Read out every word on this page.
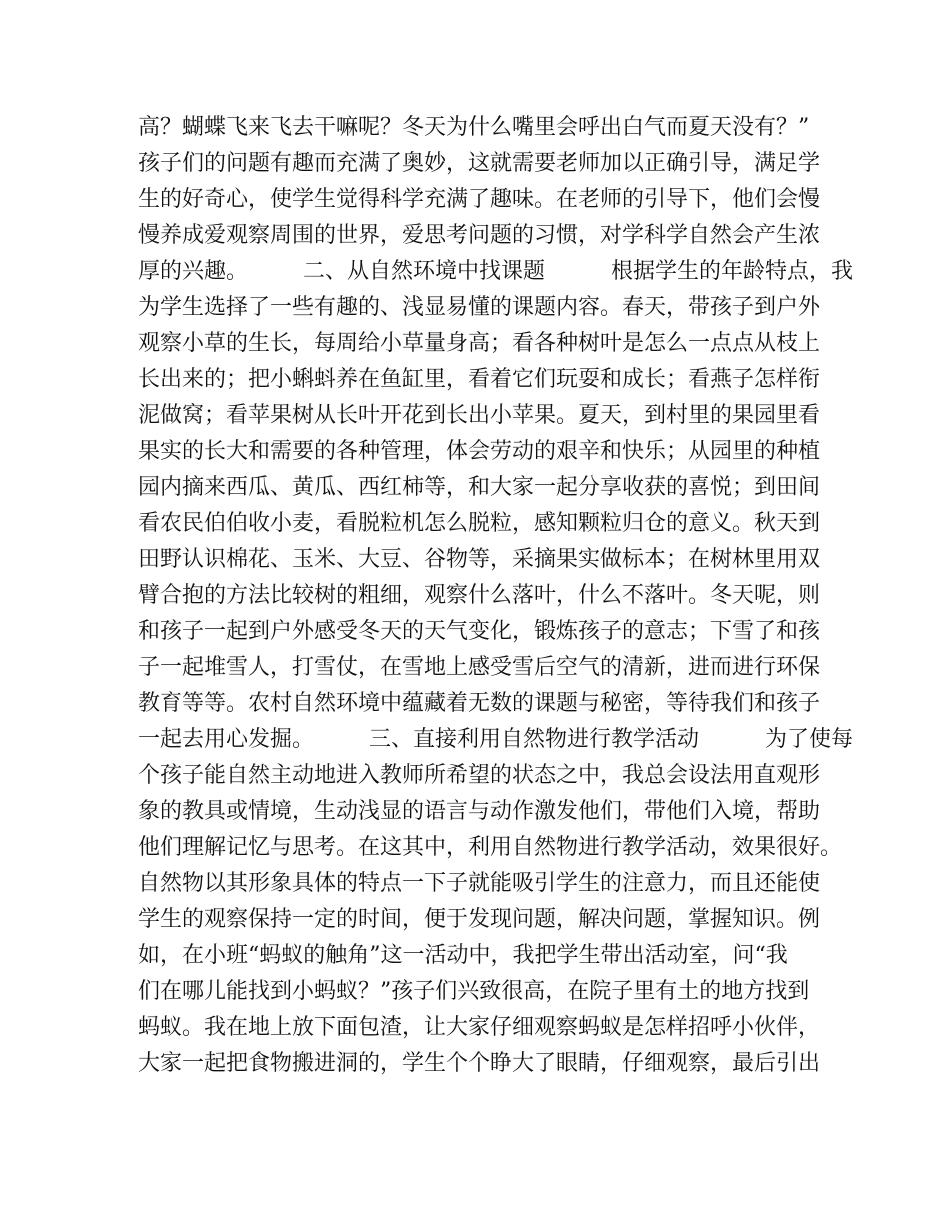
高？蝴蝶飞来飞去干嘛呢？冬天为什么嘴里会呼出白气而夏天没有？”
孩子们的问题有趣而充满了奥妙，这就需要老师加以正确引导，满足学
生的好奇心，使学生觉得科学充满了趣味。在老师的引导下，他们会慢
慢养成爱观察周围的世界，爱思考问题的习惯，对学科学自然会产生浓
厚的兴趣。　　　二、从自然环境中找课题　　　根据学生的年龄特点，我
为学生选择了一些有趣的、浅显易懂的课题内容。春天，带孩子到户外
观察小草的生长，每周给小草量身高；看各种树叶是怎么一点点从枝上
长出来的；把小蝌蚪养在鱼缸里，看着它们玩耍和成长；看燕子怎样衔
泥做窝；看苹果树从长叶开花到长出小苹果。夏天，到村里的果园里看
果实的长大和需要的各种管理，体会劳动的艰辛和快乐；从园里的种植
园内摘来西瓜、黄瓜、西红柿等，和大家一起分享收获的喜悦；到田间
看农民伯伯收小麦，看脱粒机怎么脱粒，感知颗粒归仓的意义。秋天到
田野认识棉花、玉米、大豆、谷物等，采摘果实做标本；在树林里用双
臂合抱的方法比较树的粗细，观察什么落叶，什么不落叶。冬天呢，则
和孩子一起到户外感受冬天的天气变化，锻炼孩子的意志；下雪了和孩
子一起堆雪人，打雪仗，在雪地上感受雪后空气的清新，进而进行环保
教育等等。农村自然环境中蕴藏着无数的课题与秘密，等待我们和孩子
一起去用心发掘。　　　三、直接利用自然物进行教学活动　　　为了使每
个孩子能自然主动地进入教师所希望的状态之中，我总会设法用直观形
象的教具或情境，生动浅显的语言与动作激发他们，带他们入境，帮助
他们理解记忆与思考。在这其中，利用自然物进行教学活动，效果很好。
自然物以其形象具体的特点一下子就能吸引学生的注意力，而且还能使
学生的观察保持一定的时间，便于发现问题，解决问题，掌握知识。例
如，在小班“蚂蚁的触角”这一活动中，我把学生带出活动室，问“我
们在哪儿能找到小蚂蚁？”孩子们兴致很高，在院子里有土的地方找到
蚂蚁。我在地上放下面包渣，让大家仔细观察蚂蚁是怎样招呼小伙伴，
大家一起把食物搬进洞的，学生个个睁大了眼睛，仔细观察，最后引出
